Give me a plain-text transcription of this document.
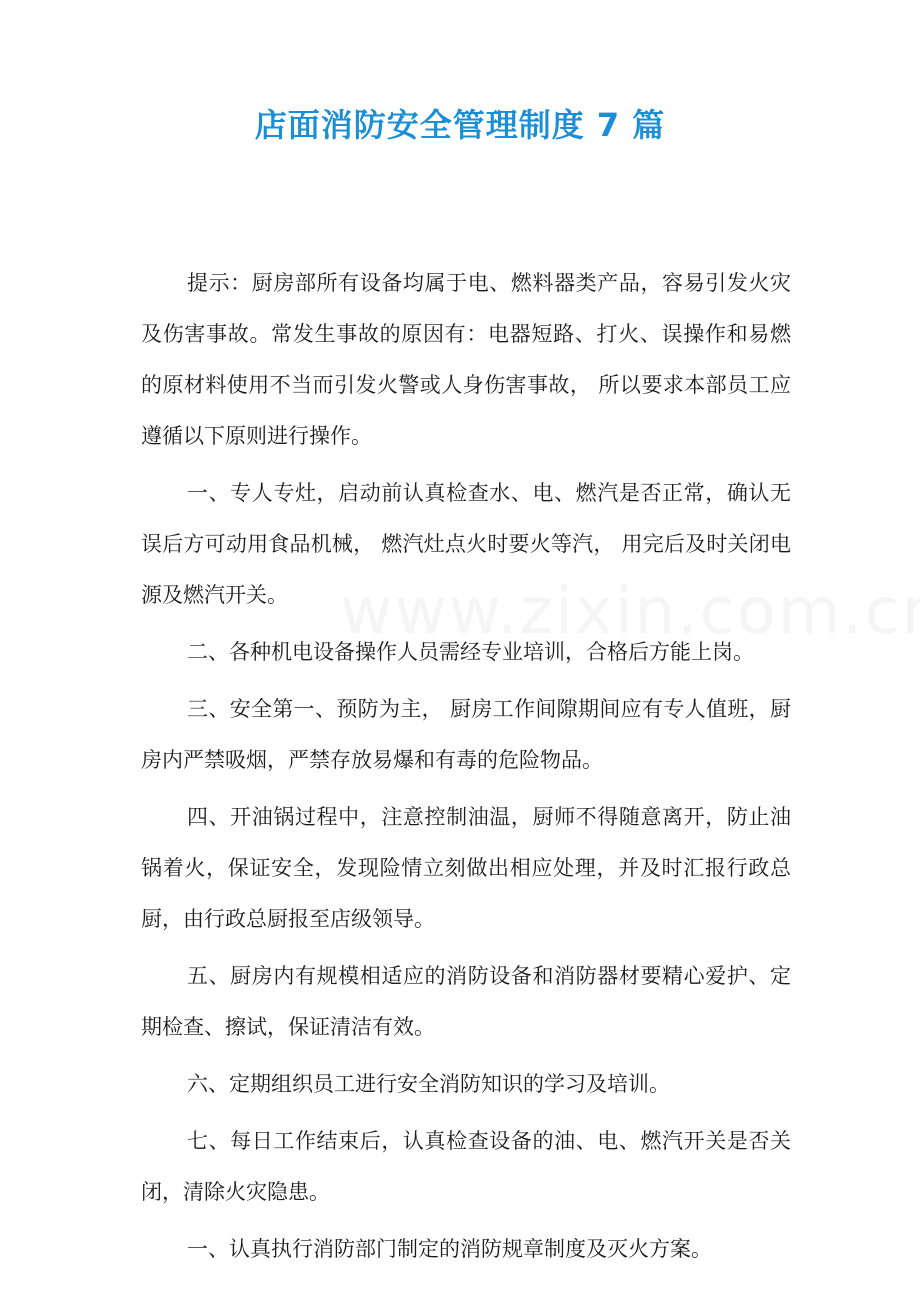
店面消防安全管理制度 7 篇

提示：厨房部所有设备均属于电、燃料器类产品，容易引发火灾及伤害事故。常发生事故的原因有：电器短路、打火、误操作和易燃的原材料使用不当而引发火警或人身伤害事故， 所以要求本部员工应遵循以下原则进行操作。

一、专人专灶，启动前认真检查水、电、燃汽是否正常，确认无误后方可动用食品机械， 燃汽灶点火时要火等汽， 用完后及时关闭电源及燃汽开关。

二、各种机电设备操作人员需经专业培训，合格后方能上岗。

三、安全第一、预防为主， 厨房工作间隙期间应有专人值班，厨房内严禁吸烟，严禁存放易爆和有毒的危险物品。

四、开油锅过程中，注意控制油温，厨师不得随意离开，防止油锅着火，保证安全，发现险情立刻做出相应处理，并及时汇报行政总厨，由行政总厨报至店级领导。

五、厨房内有规模相适应的消防设备和消防器材要精心爱护、定期检查、擦试，保证清洁有效。

六、定期组织员工进行安全消防知识的学习及培训。

七、每日工作结束后，认真检查设备的油、电、燃汽开关是否关闭，清除火灾隐患。

一、认真执行消防部门制定的消防规章制度及灭火方案。
